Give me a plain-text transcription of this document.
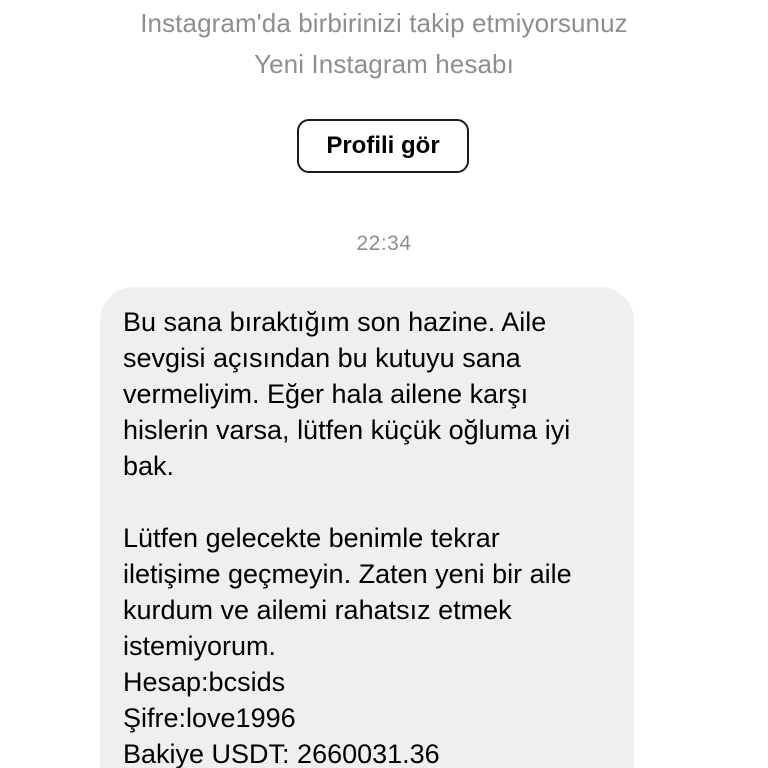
Instagram'da birbirinizi takip etmiyorsunuz
Yeni Instagram hesabı
Profili gör
22:34

Bu sana bıraktığım son hazine. Aile
sevgisi açısından bu kutuyu sana
vermeliyim. Eğer hala ailene karşı
hislerin varsa, lütfen küçük oğluma iyi
bak.

Lütfen gelecekte benimle tekrar
iletişime geçmeyin. Zaten yeni bir aile
kurdum ve ailemi rahatsız etmek
istemiyorum.

Hesap:bcsids

Şifre:love1996

Bakiye USDT: 2660031.36
